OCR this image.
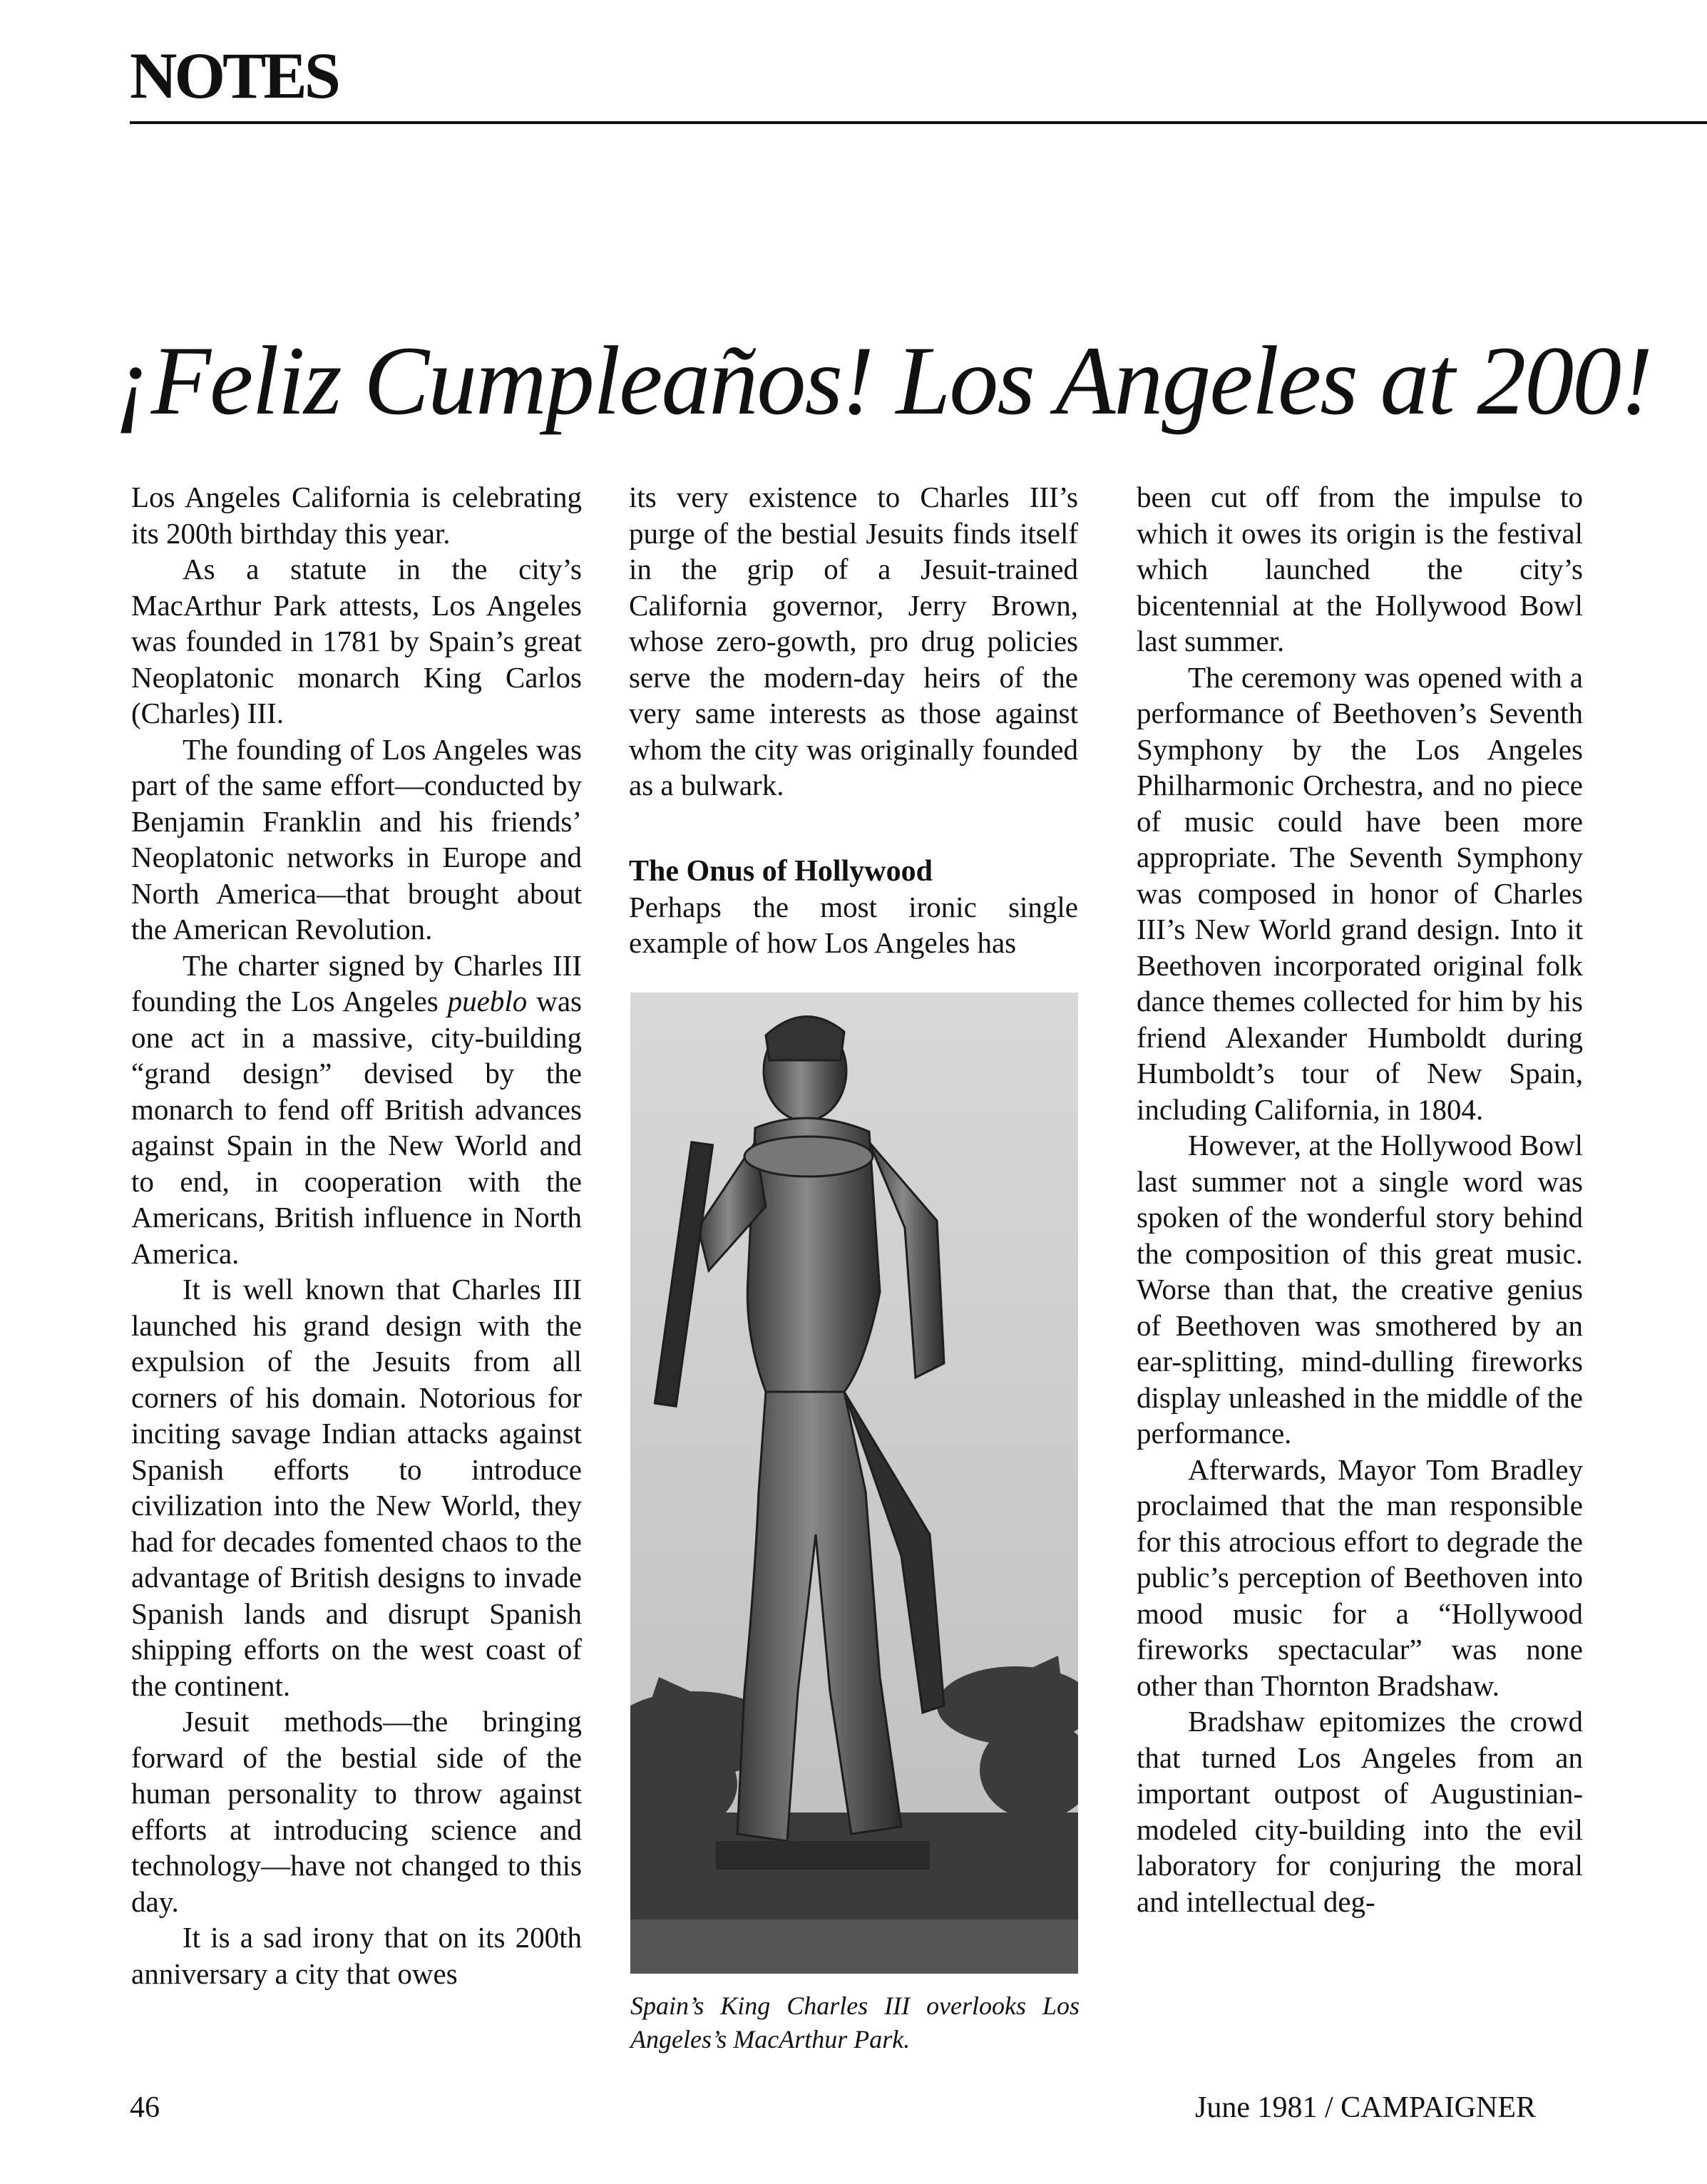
NOTES
¡Feliz Cumpleaños! Los Angeles at 200!

Los Angeles California is celebrating its 200th birthday this year.

As a statute in the city’s MacArthur Park attests, Los Angeles was founded in 1781 by Spain’s great Neoplatonic monarch King Carlos (Charles) III.

The founding of Los Angeles was part of the same effort—conducted by Benjamin Franklin and his friends’ Neoplatonic networks in Europe and North America—that brought about the American Revolution.

The charter signed by Charles III founding the Los Angeles pueblo was one act in a massive, city-building “grand design” devised by the monarch to fend off British advances against Spain in the New World and to end, in cooperation with the Americans, British influence in North America.

It is well known that Charles III launched his grand design with the expulsion of the Jesuits from all corners of his domain. Notorious for inciting savage Indian attacks against Spanish efforts to introduce civilization into the New World, they had for decades fomented chaos to the advantage of British designs to invade Spanish lands and disrupt Spanish shipping efforts on the west coast of the continent.

Jesuit methods—the bringing forward of the bestial side of the human personality to throw against efforts at introducing science and technology—have not changed to this day.

It is a sad irony that on its 200th anniversary a city that owes

its very existence to Charles III’s purge of the bestial Jesuits finds itself in the grip of a Jesuit-trained California governor, Jerry Brown, whose zero-gowth, pro drug policies serve the modern-day heirs of the very same interests as those against whom the city was originally founded as a bulwark.

The Onus of Hollywood

Perhaps the most ironic single example of how Los Angeles has

Spain’s King Charles III overlooks Los Angeles’s MacArthur Park.

been cut off from the impulse to which it owes its origin is the festival which launched the city’s bicentennial at the Hollywood Bowl last summer.

The ceremony was opened with a performance of Beethoven’s Seventh Symphony by the Los Angeles Philharmonic Orchestra, and no piece of music could have been more appropriate. The Seventh Symphony was composed in honor of Charles III’s New World grand design. Into it Beethoven incorporated original folk dance themes collected for him by his friend Alexander Humboldt during Humboldt’s tour of New Spain, including California, in 1804.

However, at the Hollywood Bowl last summer not a single word was spoken of the wonderful story behind the composition of this great music. Worse than that, the creative genius of Beethoven was smothered by an ear-splitting, mind-dulling fireworks display unleashed in the middle of the performance.

Afterwards, Mayor Tom Bradley proclaimed that the man responsible for this atrocious effort to degrade the public’s perception of Beethoven into mood music for a “Hollywood fireworks spectacular” was none other than Thornton Bradshaw.

Bradshaw epitomizes the crowd that turned Los Angeles from an important outpost of Augustinian-modeled city-building into the evil laboratory for conjuring the moral and intellectual deg-

46	June 1981 / CAMPAIGNER
